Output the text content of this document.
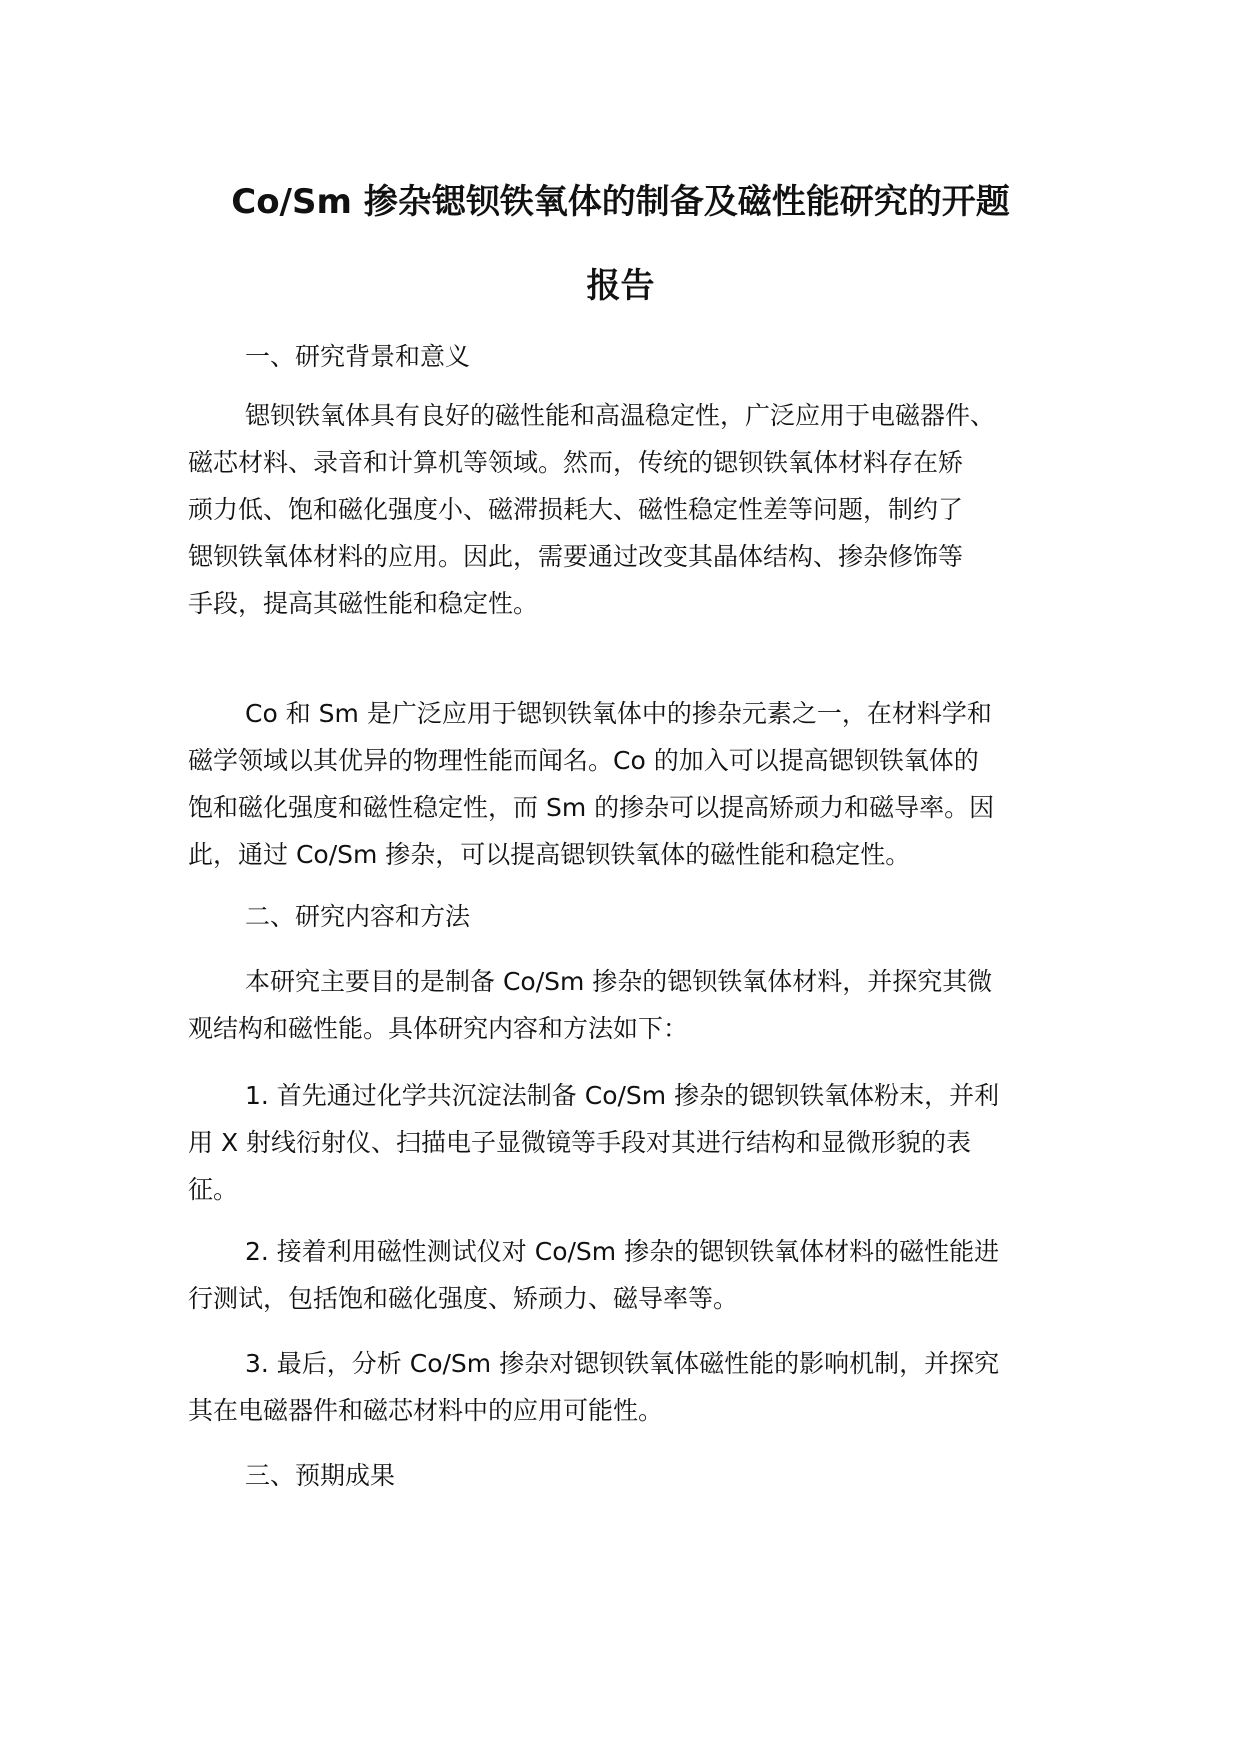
Co/Sm 掺杂锶钡铁氧体的制备及磁性能研究的开题
报告
一、研究背景和意义
锶钡铁氧体具有良好的磁性能和高温稳定性，广泛应用于电磁器件、
磁芯材料、录音和计算机等领域。然而，传统的锶钡铁氧体材料存在矫
顽力低、饱和磁化强度小、磁滞损耗大、磁性稳定性差等问题，制约了
锶钡铁氧体材料的应用。因此，需要通过改变其晶体结构、掺杂修饰等
手段，提高其磁性能和稳定性。
Co 和 Sm 是广泛应用于锶钡铁氧体中的掺杂元素之一，在材料学和
磁学领域以其优异的物理性能而闻名。Co 的加入可以提高锶钡铁氧体的
饱和磁化强度和磁性稳定性，而 Sm 的掺杂可以提高矫顽力和磁导率。因
此，通过 Co/Sm 掺杂，可以提高锶钡铁氧体的磁性能和稳定性。
二、研究内容和方法
本研究主要目的是制备 Co/Sm 掺杂的锶钡铁氧体材料，并探究其微
观结构和磁性能。具体研究内容和方法如下：
1. 首先通过化学共沉淀法制备 Co/Sm 掺杂的锶钡铁氧体粉末，并利
用 X 射线衍射仪、扫描电子显微镜等手段对其进行结构和显微形貌的表
征。
2. 接着利用磁性测试仪对 Co/Sm 掺杂的锶钡铁氧体材料的磁性能进
行测试，包括饱和磁化强度、矫顽力、磁导率等。
3. 最后，分析 Co/Sm 掺杂对锶钡铁氧体磁性能的影响机制，并探究
其在电磁器件和磁芯材料中的应用可能性。
三、预期成果
